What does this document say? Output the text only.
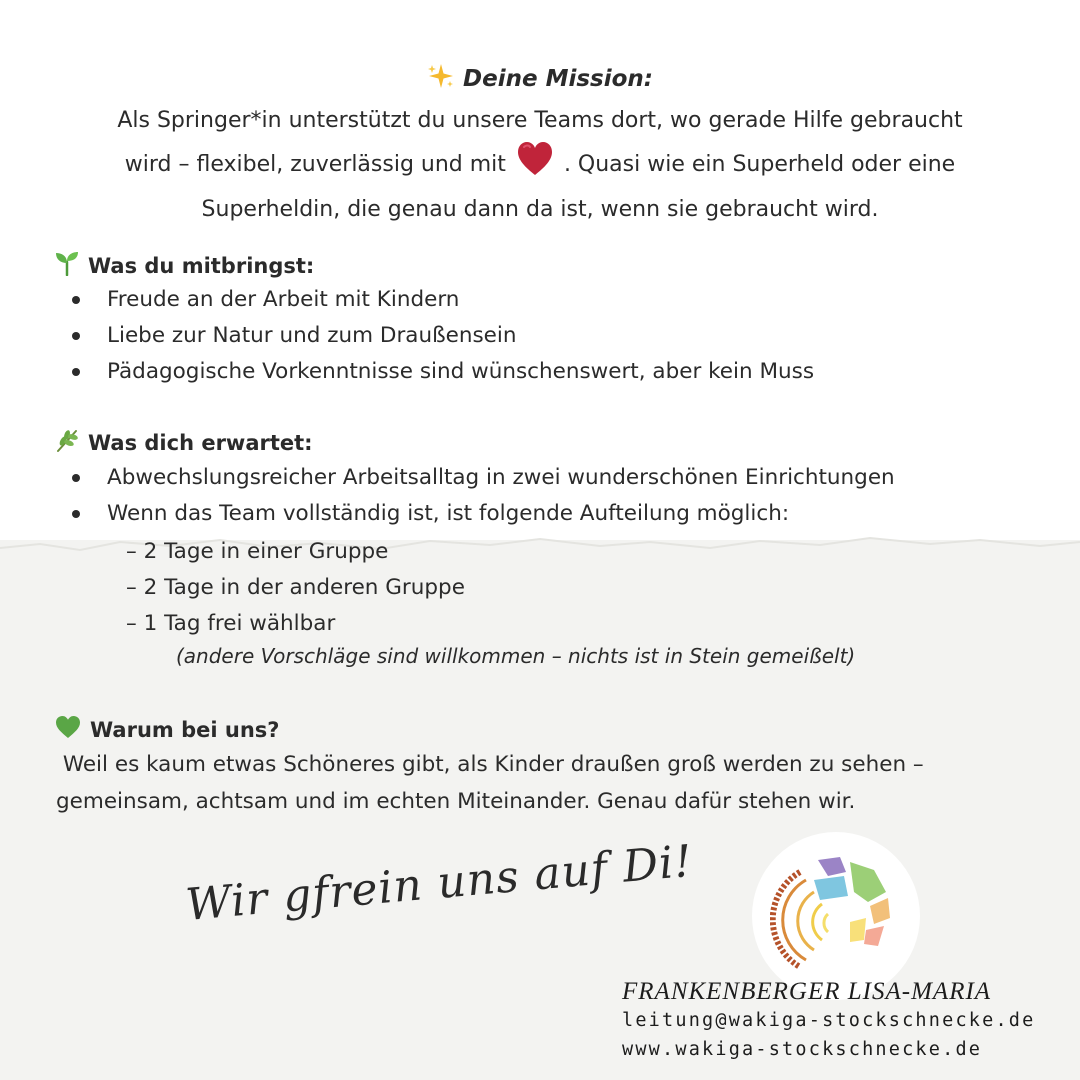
Deine Mission:
Als Springer*in unterstützt du unsere Teams dort, wo gerade Hilfe gebraucht
wird – flexibel, zuverlässig und mit	. Quasi wie ein Superheld oder eine
Superheldin, die genau dann da ist, wenn sie gebraucht wird.
Was du mitbringst:
Freude an der Arbeit mit Kindern
Liebe zur Natur und zum Draußensein
Pädagogische Vorkenntnisse sind wünschenswert, aber kein Muss
Was dich erwartet:
Abwechslungsreicher Arbeitsalltag in zwei wunderschönen Einrichtungen
Wenn das Team vollständig ist, ist folgende Aufteilung möglich:
– 2 Tage in einer Gruppe
– 2 Tage in der anderen Gruppe
– 1 Tag frei wählbar
(andere Vorschläge sind willkommen – nichts ist in Stein gemeißelt)
Warum bei uns?
Weil es kaum etwas Schöneres gibt, als Kinder draußen groß werden zu sehen –
gemeinsam, achtsam und im echten Miteinander. Genau dafür stehen wir.
Wir gfrein uns auf Di!
FRANKENBERGER LISA-MARIA
leitung@wakiga-stockschnecke.de
www.wakiga-stockschnecke.de
